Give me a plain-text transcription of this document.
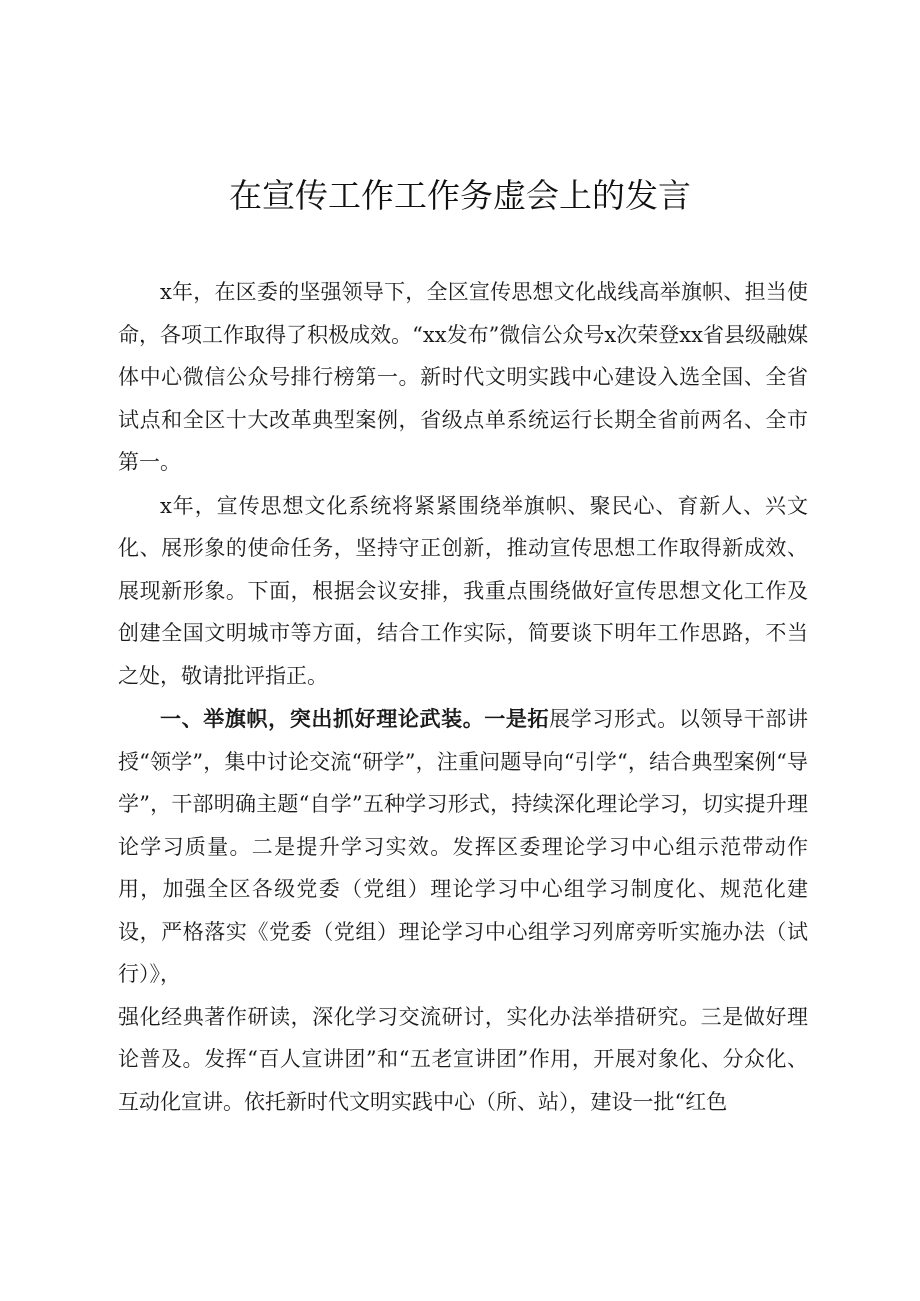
在宣传工作工作务虚会上的发言

x年，在区委的坚强领导下，全区宣传思想文化战线高举旗帜、担当使命，各项工作取得了积极成效。“xx发布”微信公众号x次荣登xx省县级融媒体中心微信公众号排行榜第一。新时代文明实践中心建设入选全国、全省试点和全区十大改革典型案例，省级点单系统运行长期全省前两名、全市第一。

x年，宣传思想文化系统将紧紧围绕举旗帜、聚民心、育新人、兴文化、展形象的使命任务，坚持守正创新，推动宣传思想工作取得新成效、展现新形象。下面，根据会议安排，我重点围绕做好宣传思想文化工作及创建全国文明城市等方面，结合工作实际，简要谈下明年工作思路，不当之处，敬请批评指正。

一、举旗帜，突出抓好理论武装。一是拓展学习形式。以领导干部讲授“领学”，集中讨论交流“研学”，注重问题导向“引学“，结合典型案例“导学”，干部明确主题“自学”五种学习形式，持续深化理论学习，切实提升理论学习质量。二是提升学习实效。发挥区委理论学习中心组示范带动作用，加强全区各级党委（党组）理论学习中心组学习制度化、规范化建设，严格落实《党委（党组）理论学习中心组学习列席旁听实施办法（试行）》，

强化经典著作研读，深化学习交流研讨，实化办法举措研究。三是做好理论普及。发挥“百人宣讲团”和“五老宣讲团”作用，开展对象化、分众化、互动化宣讲。依托新时代文明实践中心（所、站），建设一批“红色
